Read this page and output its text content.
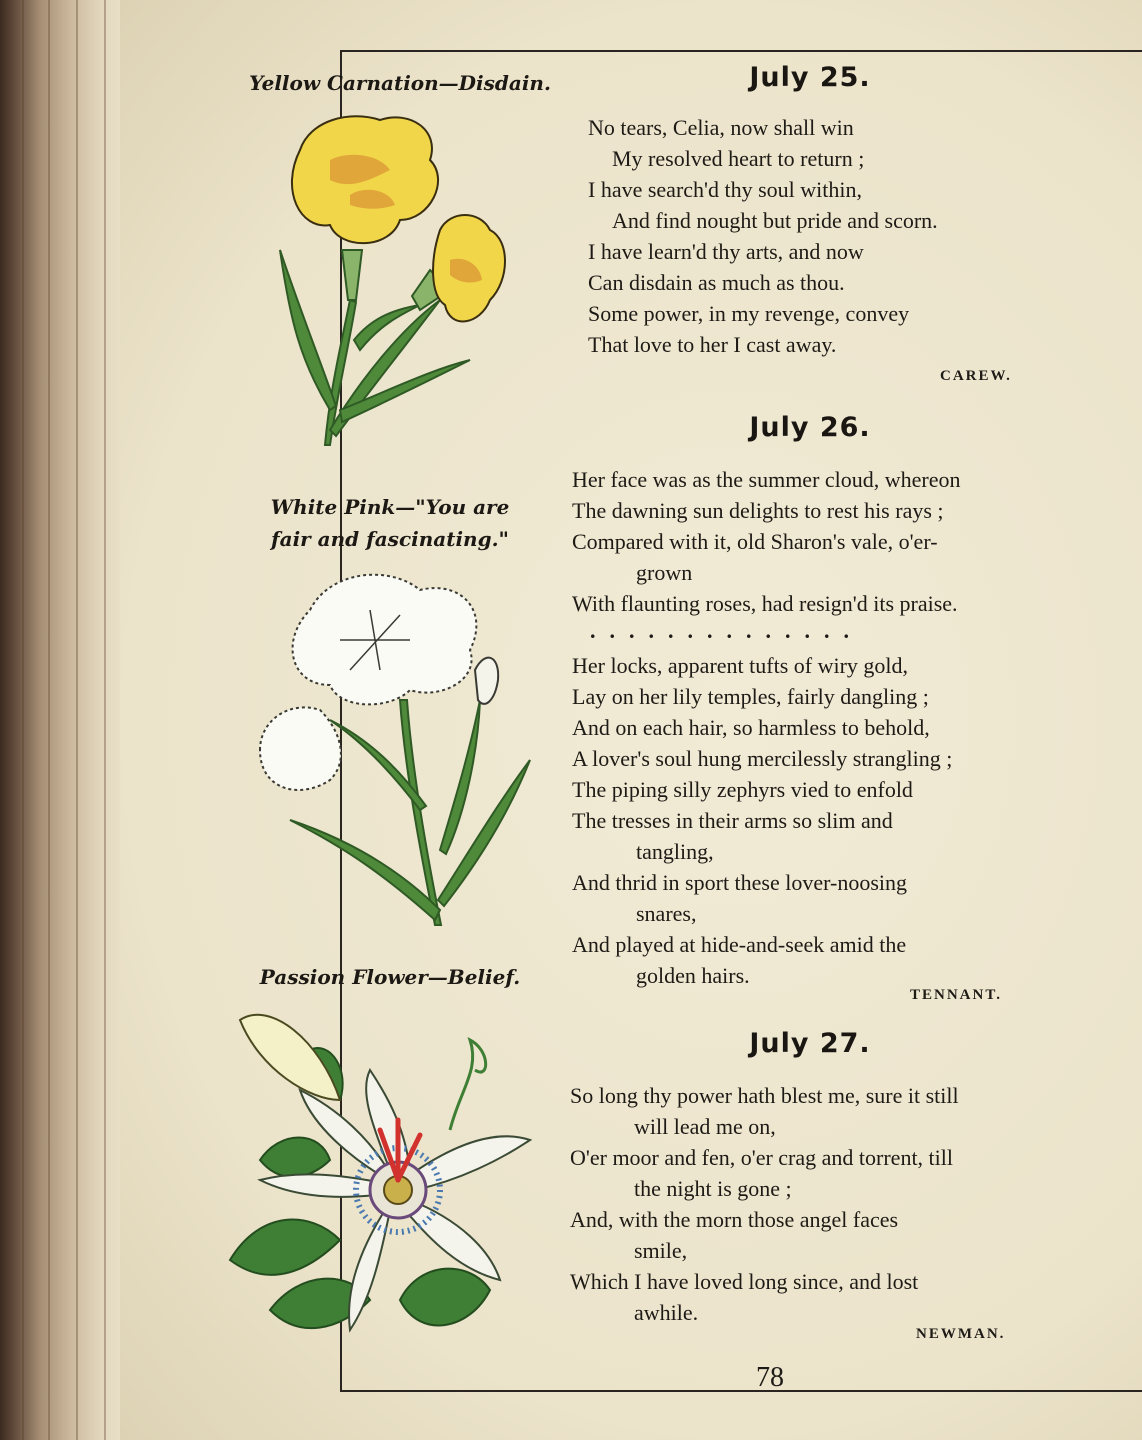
Yellow Carnation—Disdain.
White Pink—"You are
fair and fascinating."
Passion Flower—Belief.
July 25.
No tears, Celia, now shall win
My resolved heart to return ;
I have search'd thy soul within,
And find nought but pride and scorn.
I have learn'd thy arts, and now
Can disdain as much as thou.
Some power, in my revenge, convey
That love to her I cast away.
CAREW.
July 26.
Her face was as the summer cloud, whereon
The dawning sun delights to rest his rays ;
Compared with it, old Sharon's vale, o'er-
grown
With flaunting roses, had resign'd its praise.
..............
Her locks, apparent tufts of wiry gold,
Lay on her lily temples, fairly dangling ;
And on each hair, so harmless to behold,
A lover's soul hung mercilessly strangling ;
The piping silly zephyrs vied to enfold
The tresses in their arms so slim and
tangling,
And thrid in sport these lover-noosing
snares,
And played at hide-and-seek amid the
golden hairs.
TENNANT.
July 27.
So long thy power hath blest me, sure it still
will lead me on,
O'er moor and fen, o'er crag and torrent, till
the night is gone ;
And, with the morn those angel faces
smile,
Which I have loved long since, and lost
awhile.
NEWMAN.
78
